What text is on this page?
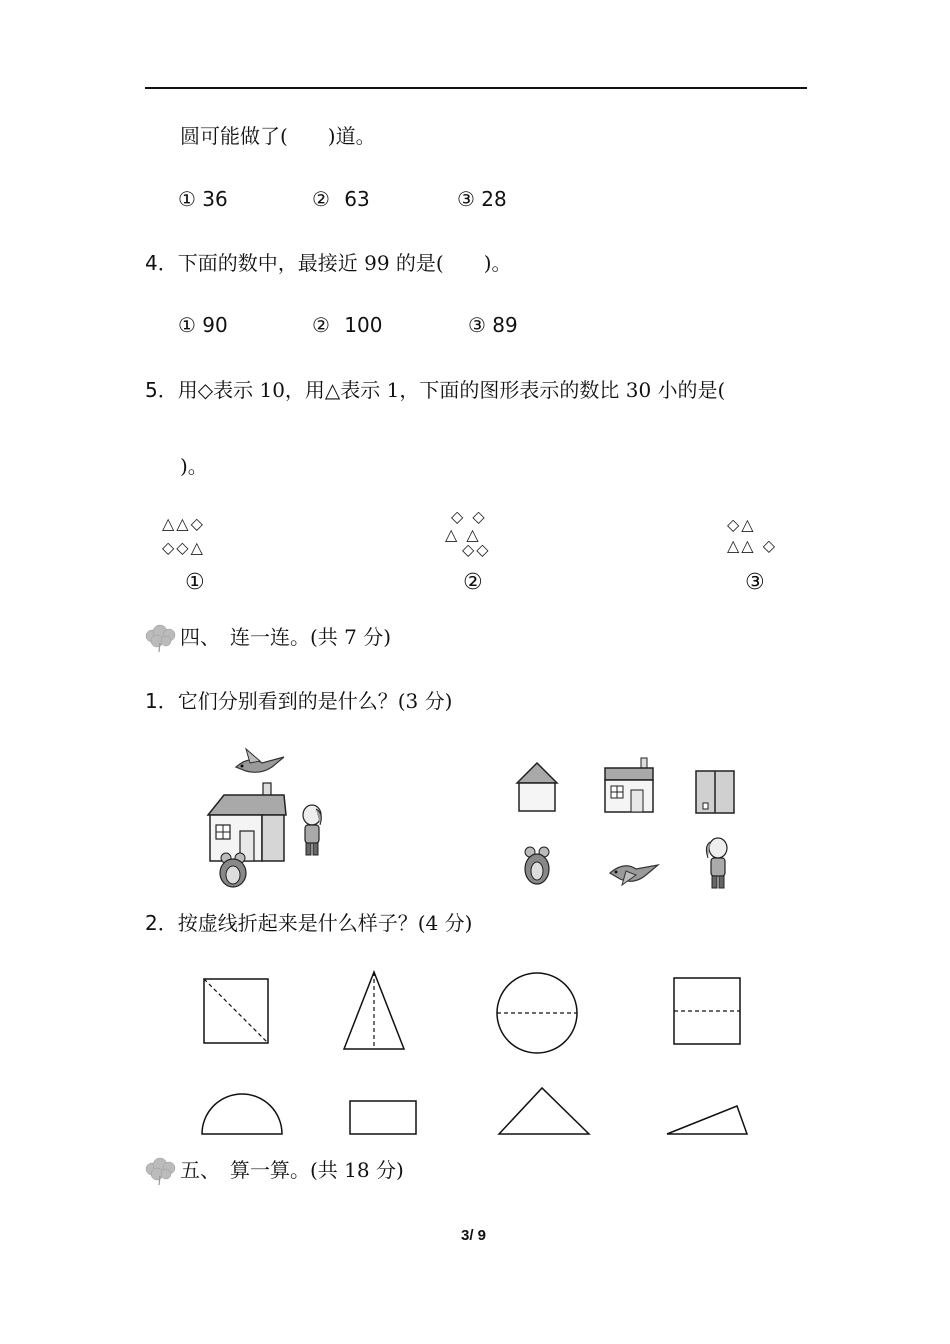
圆可能做了(　　)道。
① 36	② 63	③ 28
4．下面的数中，最接近 99 的是(　　)。
① 90	② 100	③ 89
5．用◇表示 10，用△表示 1，下面的图形表示的数比 30 小的是(
)。
△△◇
◇◇△
①
◇ ◇
△ △
◇◇
②
◇△
△△ ◇
③
四、　连一连。(共 7 分)
1．它们分别看到的是什么？(3 分)
2．按虚线折起来是什么样子？(4 分)
五、　算一算。(共 18 分)
3/ 9
